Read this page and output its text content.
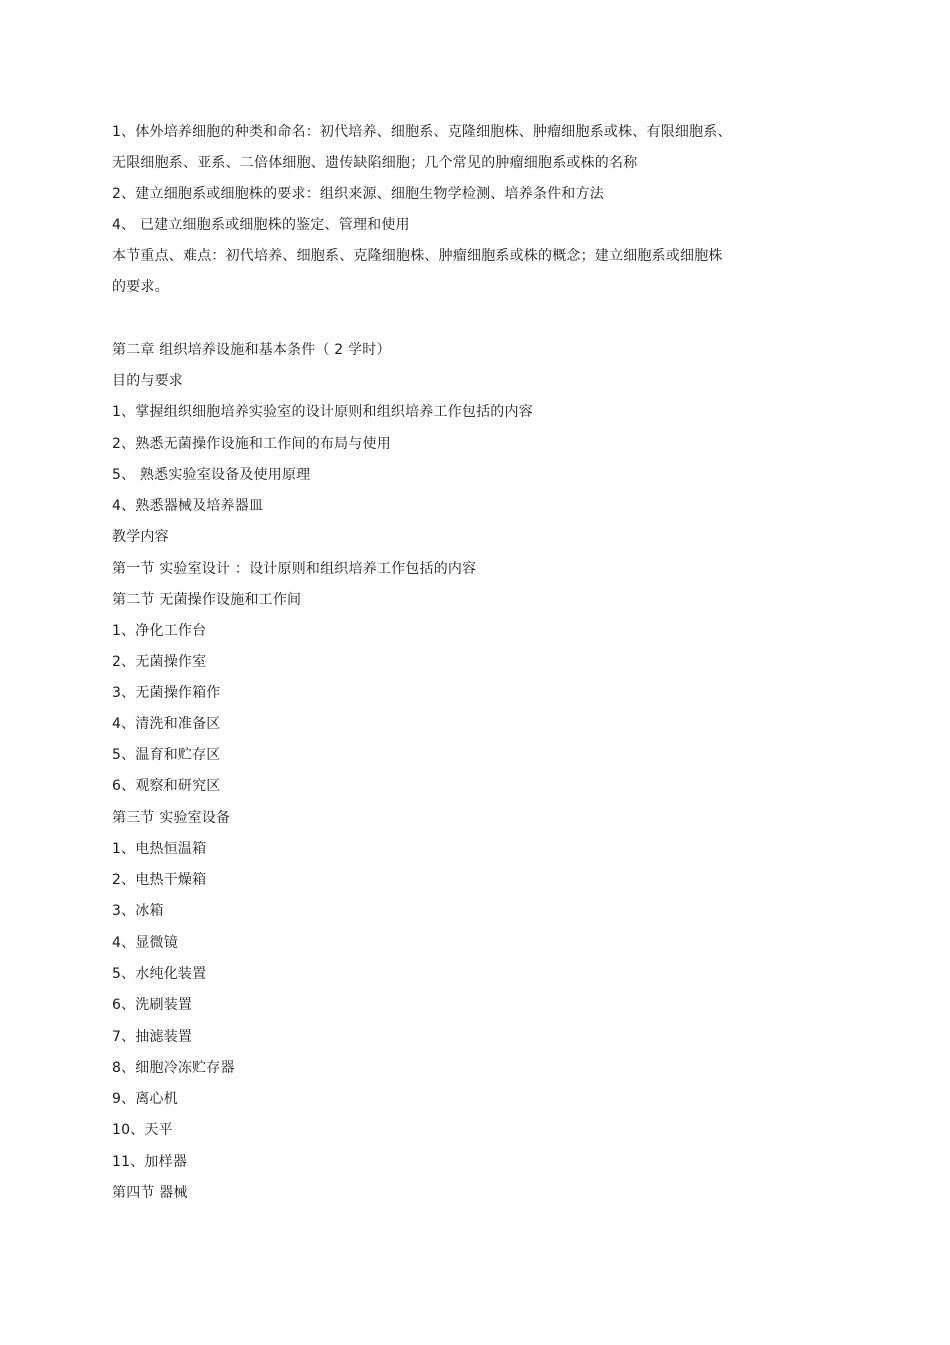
1、体外培养细胞的种类和命名：初代培养、细胞系、克隆细胞株、肿瘤细胞系或株、有限细胞系、
无限细胞系、亚系、二倍体细胞、遗传缺陷细胞；几个常见的肿瘤细胞系或株的名称
2、建立细胞系或细胞株的要求：组织来源、细胞生物学检测、培养条件和方法
4、 已建立细胞系或细胞株的鉴定、管理和使用
本节重点、难点：初代培养、细胞系、克隆细胞株、肿瘤细胞系或株的概念；建立细胞系或细胞株
的要求。
第二章 组织培养设施和基本条件（ 2 学时）
目的与要求
1、掌握组织细胞培养实验室的设计原则和组织培养工作包括的内容
2、熟悉无菌操作设施和工作间的布局与使用
5、 熟悉实验室设备及使用原理
4、熟悉器械及培养器皿
教学内容
第一节 实验室设计 ：设计原则和组织培养工作包括的内容
第二节 无菌操作设施和工作间
1、净化工作台
2、无菌操作室
3、无菌操作箱作
4、清洗和准备区
5、温育和贮存区
6、观察和研究区
第三节 实验室设备
1、电热恒温箱
2、电热干燥箱
3、冰箱
4、显微镜
5、水纯化装置
6、洗刷装置
7、抽滤装置
8、细胞冷冻贮存器
9、离心机
10、天平
11、加样器
第四节 器械
